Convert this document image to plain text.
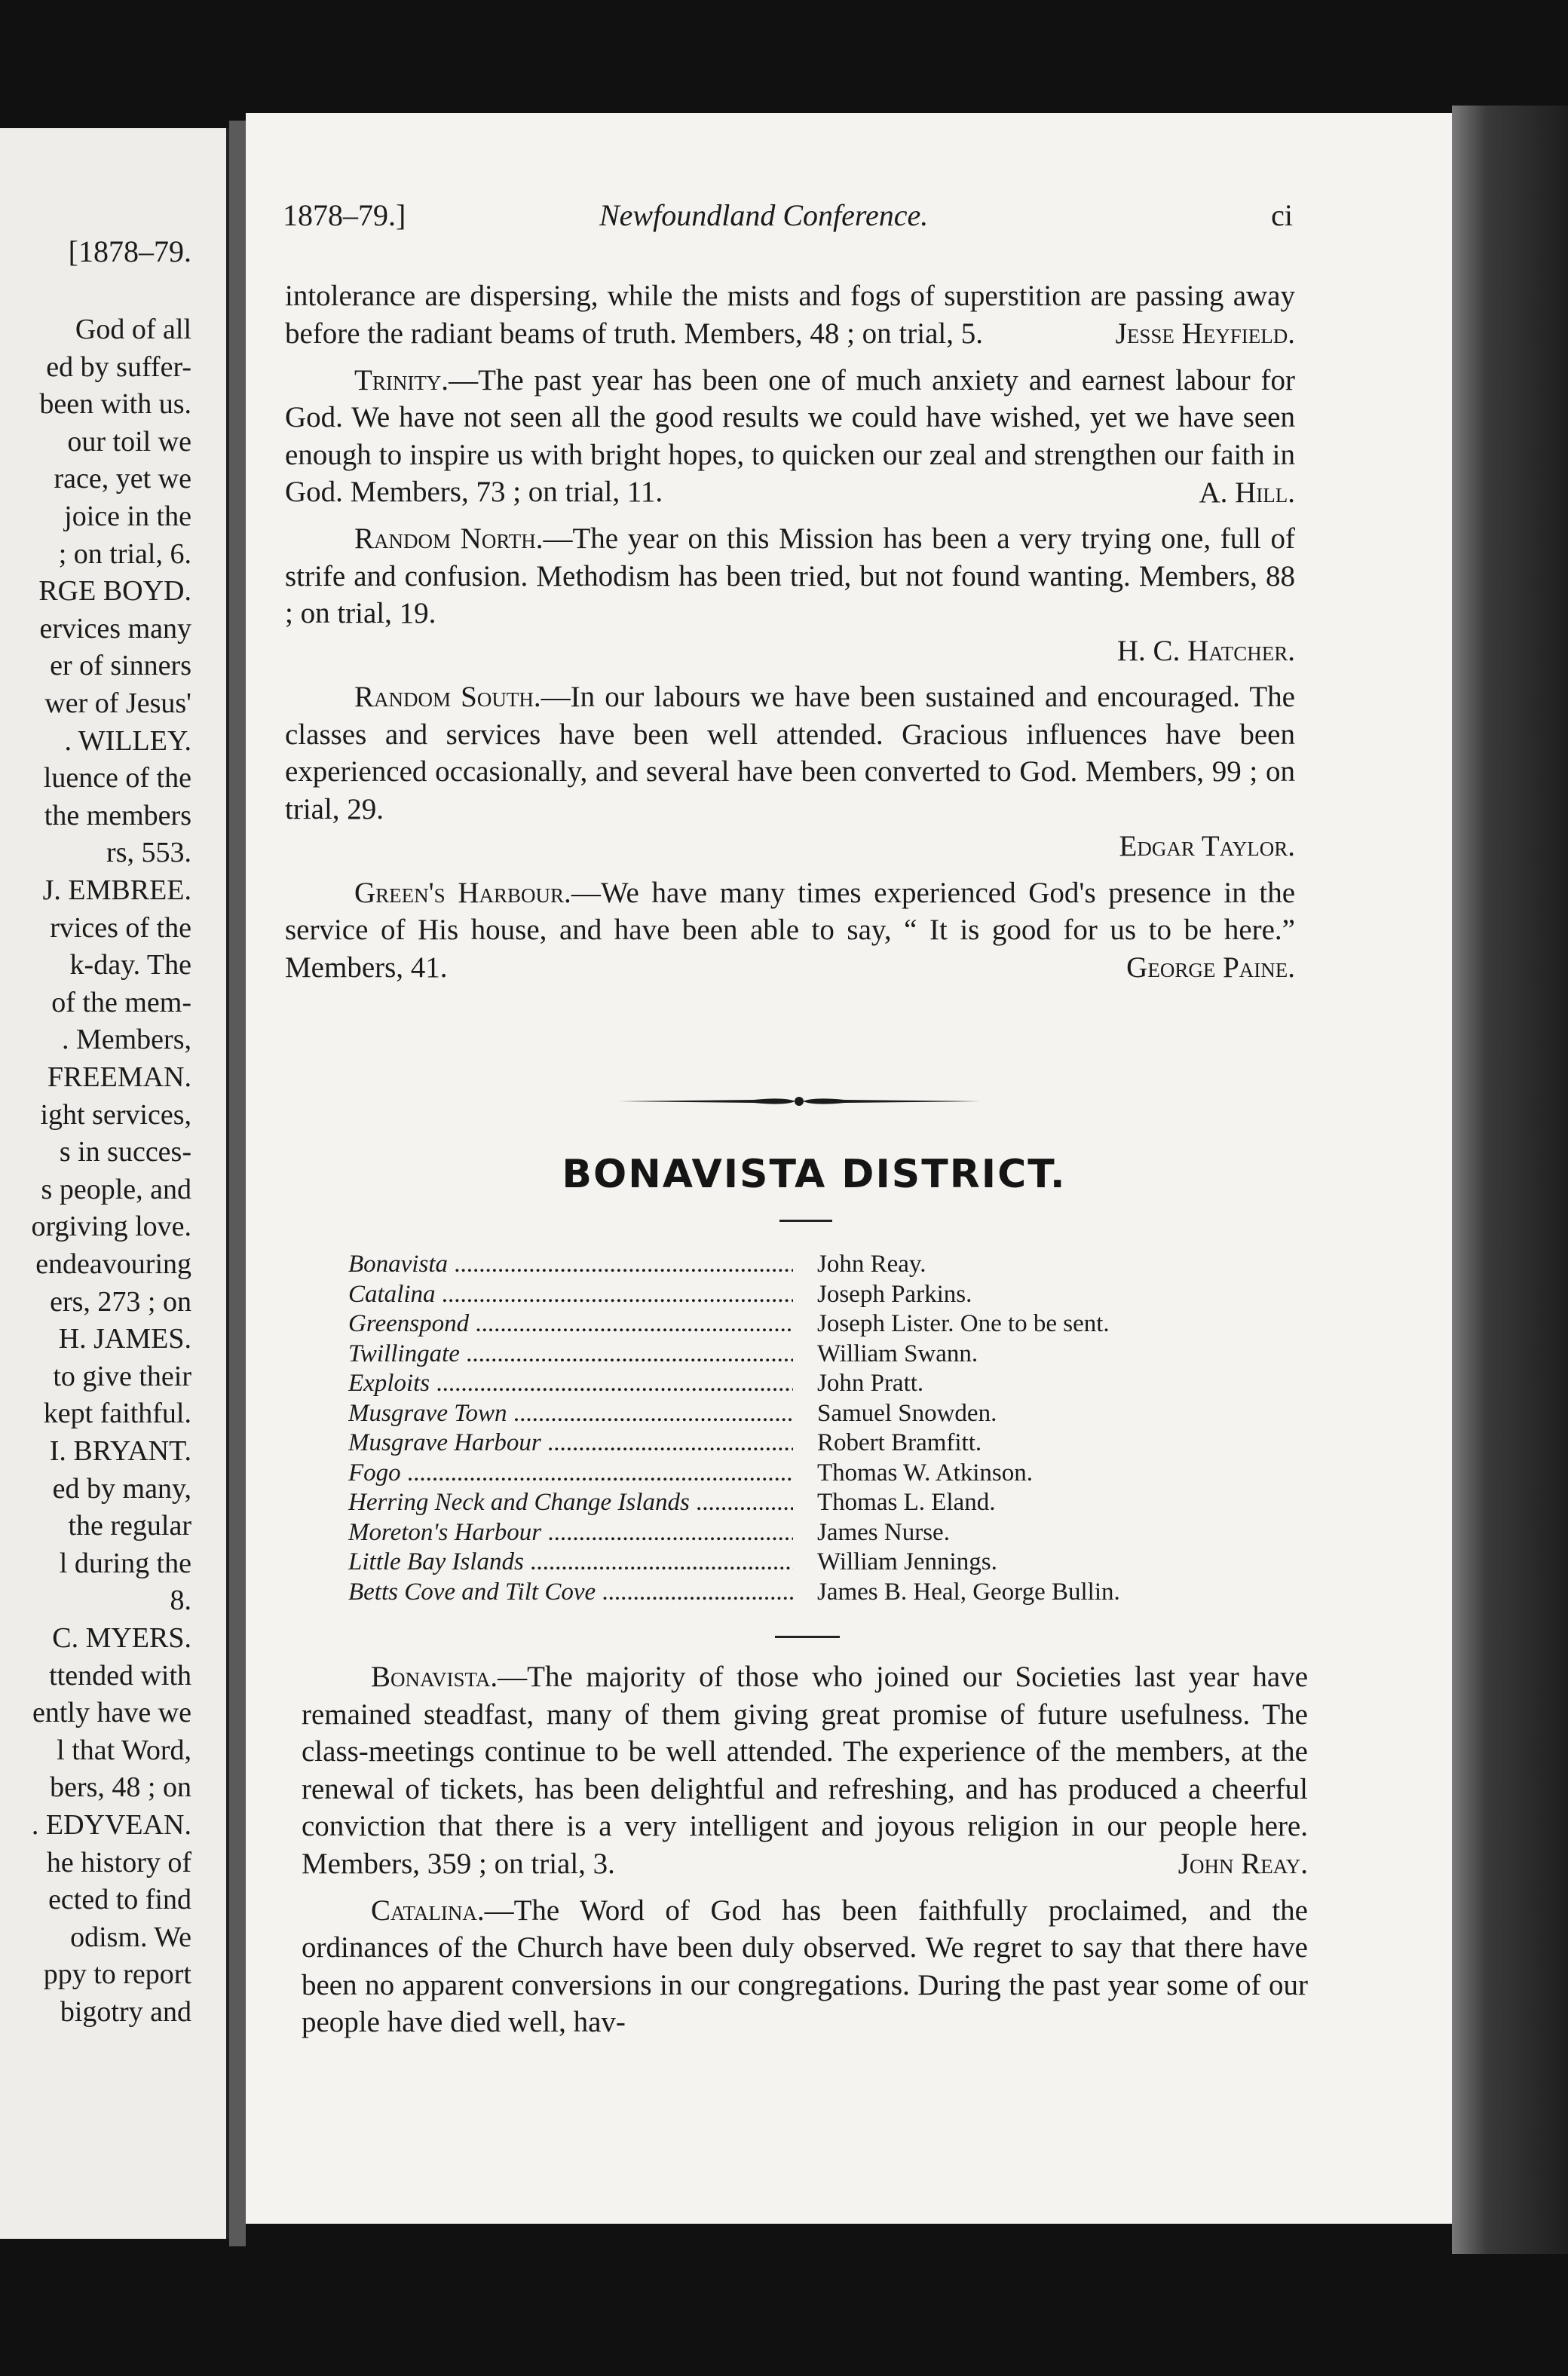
[1878–79.
God of all
ed by suffer-
been with us.
our toil we
race, yet we
joice in the
; on trial, 6.
RGE BOYD.
ervices many
er of sinners
wer of Jesus'
. WILLEY.
luence of the
the members
rs, 553.
J. EMBREE.
rvices of the
k-day. The
of the mem-
. Members,
FREEMAN.
ight services,
s in succes-
s people, and
orgiving love.
endeavouring
ers, 273 ; on
H. JAMES.
to give their
kept faithful.
I. BRYANT.
ed by many,
the regular
l during the
8.
C. MYERS.
ttended with
ently have we
l that Word,
bers, 48 ; on
. EDYVEAN.
he history of
ected to find
odism. We
ppy to report
bigotry and
1878–79.]	Newfoundland Conference.	ci

intolerance are dispersing, while the mists and fogs of superstition are passing away before the radiant beams of truth. Members, 48 ; on trial, 5.	Jesse Heyfield.

Trinity.—The past year has been one of much anxiety and earnest labour for God. We have not seen all the good results we could have wished, yet we have seen enough to inspire us with bright hopes, to quicken our zeal and strengthen our faith in God. Members, 73 ; on trial, 11.	A. Hill.

Random North.—The year on this Mission has been a very trying one, full of strife and confusion. Methodism has been tried, but not found wanting. Members, 88 ; on trial, 19.
H. C. Hatcher.

Random South.—In our labours we have been sustained and encouraged. The classes and services have been well attended. Gracious influences have been experienced occasionally, and several have been converted to God. Members, 99 ; on trial, 29.
Edgar Taylor.

Green's Harbour.—We have many times experienced God's presence in the service of His house, and have been able to say, “ It is good for us to be here.” Members, 41.	George Paine.

BONAVISTA DISTRICT.
Bonavista .....	John Reay.
Catalina .....	Joseph Parkins.
Greenspond .....	Joseph Lister. One to be sent.
Twillingate .....	William Swann.
Exploits .....	John Pratt.
Musgrave Town .....	Samuel Snowden.
Musgrave Harbour .....	Robert Bramfitt.
Fogo .....	Thomas W. Atkinson.
Herring Neck and Change Islands .....	Thomas L. Eland.
Moreton's Harbour .....	James Nurse.
Little Bay Islands .....	William Jennings.
Betts Cove and Tilt Cove .....	James B. Heal, George Bullin.

Bonavista.—The majority of those who joined our Societies last year have remained steadfast, many of them giving great promise of future usefulness. The class-meetings continue to be well attended. The experience of the members, at the renewal of tickets, has been delightful and refreshing, and has produced a cheerful conviction that there is a very intelligent and joyous religion in our people here. Members, 359 ; on trial, 3.	John Reay.

Catalina.—The Word of God has been faithfully proclaimed, and the ordinances of the Church have been duly observed. We regret to say that there have been no apparent conversions in our congregations. During the past year some of our people have died well, hav-
